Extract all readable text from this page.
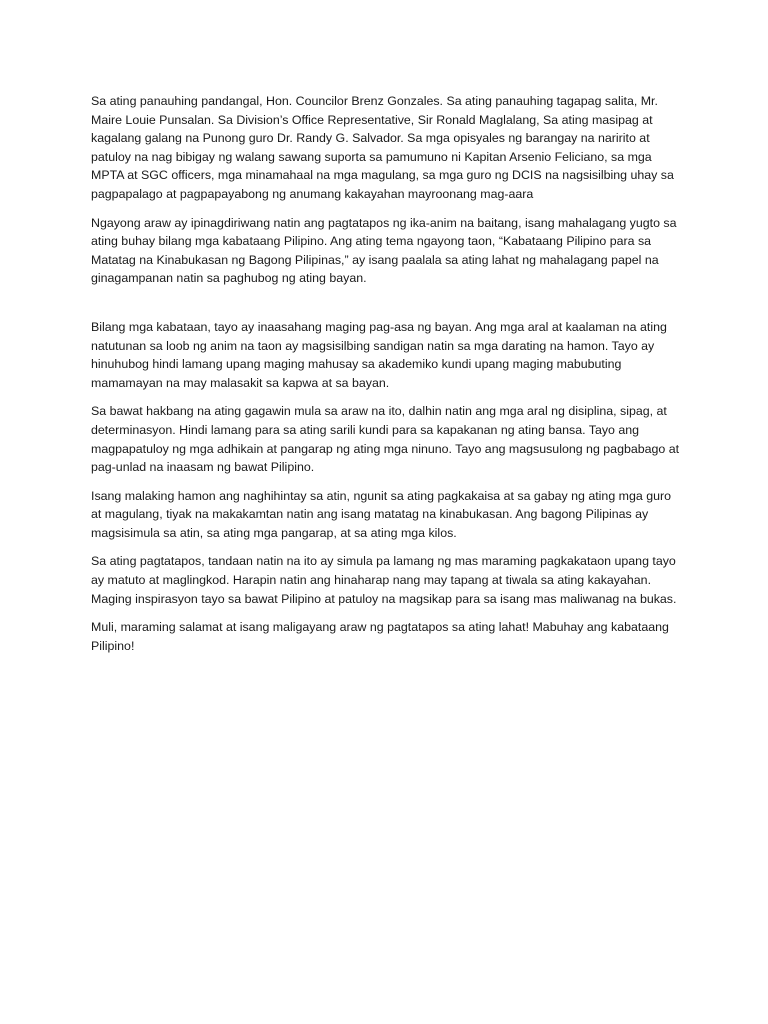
Sa ating panauhing pandangal, Hon. Councilor Brenz Gonzales. Sa ating panauhing tagapag salita, Mr. Maire Louie Punsalan. Sa Division’s Office Representative, Sir Ronald Maglalang, Sa ating masipag at kagalang galang na Punong guro Dr. Randy G. Salvador. Sa mga opisyales ng barangay na naririto at patuloy na nag bibigay ng walang sawang suporta sa pamumuno ni Kapitan Arsenio Feliciano, sa mga MPTA at SGC officers, mga minamahaal na mga magulang, sa mga guro ng DCIS na nagsisilbing uhay sa pagpapalago at pagpapayabong ng anumang kakayahan mayroonang mag-aara

Ngayong araw ay ipinagdiriwang natin ang pagtatapos ng ika-anim na baitang, isang mahalagang yugto sa ating buhay bilang mga kabataang Pilipino. Ang ating tema ngayong taon, “Kabataang Pilipino para sa Matatag na Kinabukasan ng Bagong Pilipinas,” ay isang paalala sa ating lahat ng mahalagang papel na ginagampanan natin sa paghubog ng ating bayan.

Bilang mga kabataan, tayo ay inaasahang maging pag-asa ng bayan. Ang mga aral at kaalaman na ating natutunan sa loob ng anim na taon ay magsisilbing sandigan natin sa mga darating na hamon. Tayo ay hinuhubog hindi lamang upang maging mahusay sa akademiko kundi upang maging mabubuting mamamayan na may malasakit sa kapwa at sa bayan.

Sa bawat hakbang na ating gagawin mula sa araw na ito, dalhin natin ang mga aral ng disiplina, sipag, at determinasyon. Hindi lamang para sa ating sarili kundi para sa kapakanan ng ating bansa. Tayo ang magpapatuloy ng mga adhikain at pangarap ng ating mga ninuno. Tayo ang magsusulong ng pagbabago at pag-unlad na inaasam ng bawat Pilipino.

Isang malaking hamon ang naghihintay sa atin, ngunit sa ating pagkakaisa at sa gabay ng ating mga guro at magulang, tiyak na makakamtan natin ang isang matatag na kinabukasan. Ang bagong Pilipinas ay magsisimula sa atin, sa ating mga pangarap, at sa ating mga kilos.

Sa ating pagtatapos, tandaan natin na ito ay simula pa lamang ng mas maraming pagkakataon upang tayo ay matuto at maglingkod. Harapin natin ang hinaharap nang may tapang at tiwala sa ating kakayahan. Maging inspirasyon tayo sa bawat Pilipino at patuloy na magsikap para sa isang mas maliwanag na bukas.

Muli, maraming salamat at isang maligayang araw ng pagtatapos sa ating lahat! Mabuhay ang kabataang Pilipino!
